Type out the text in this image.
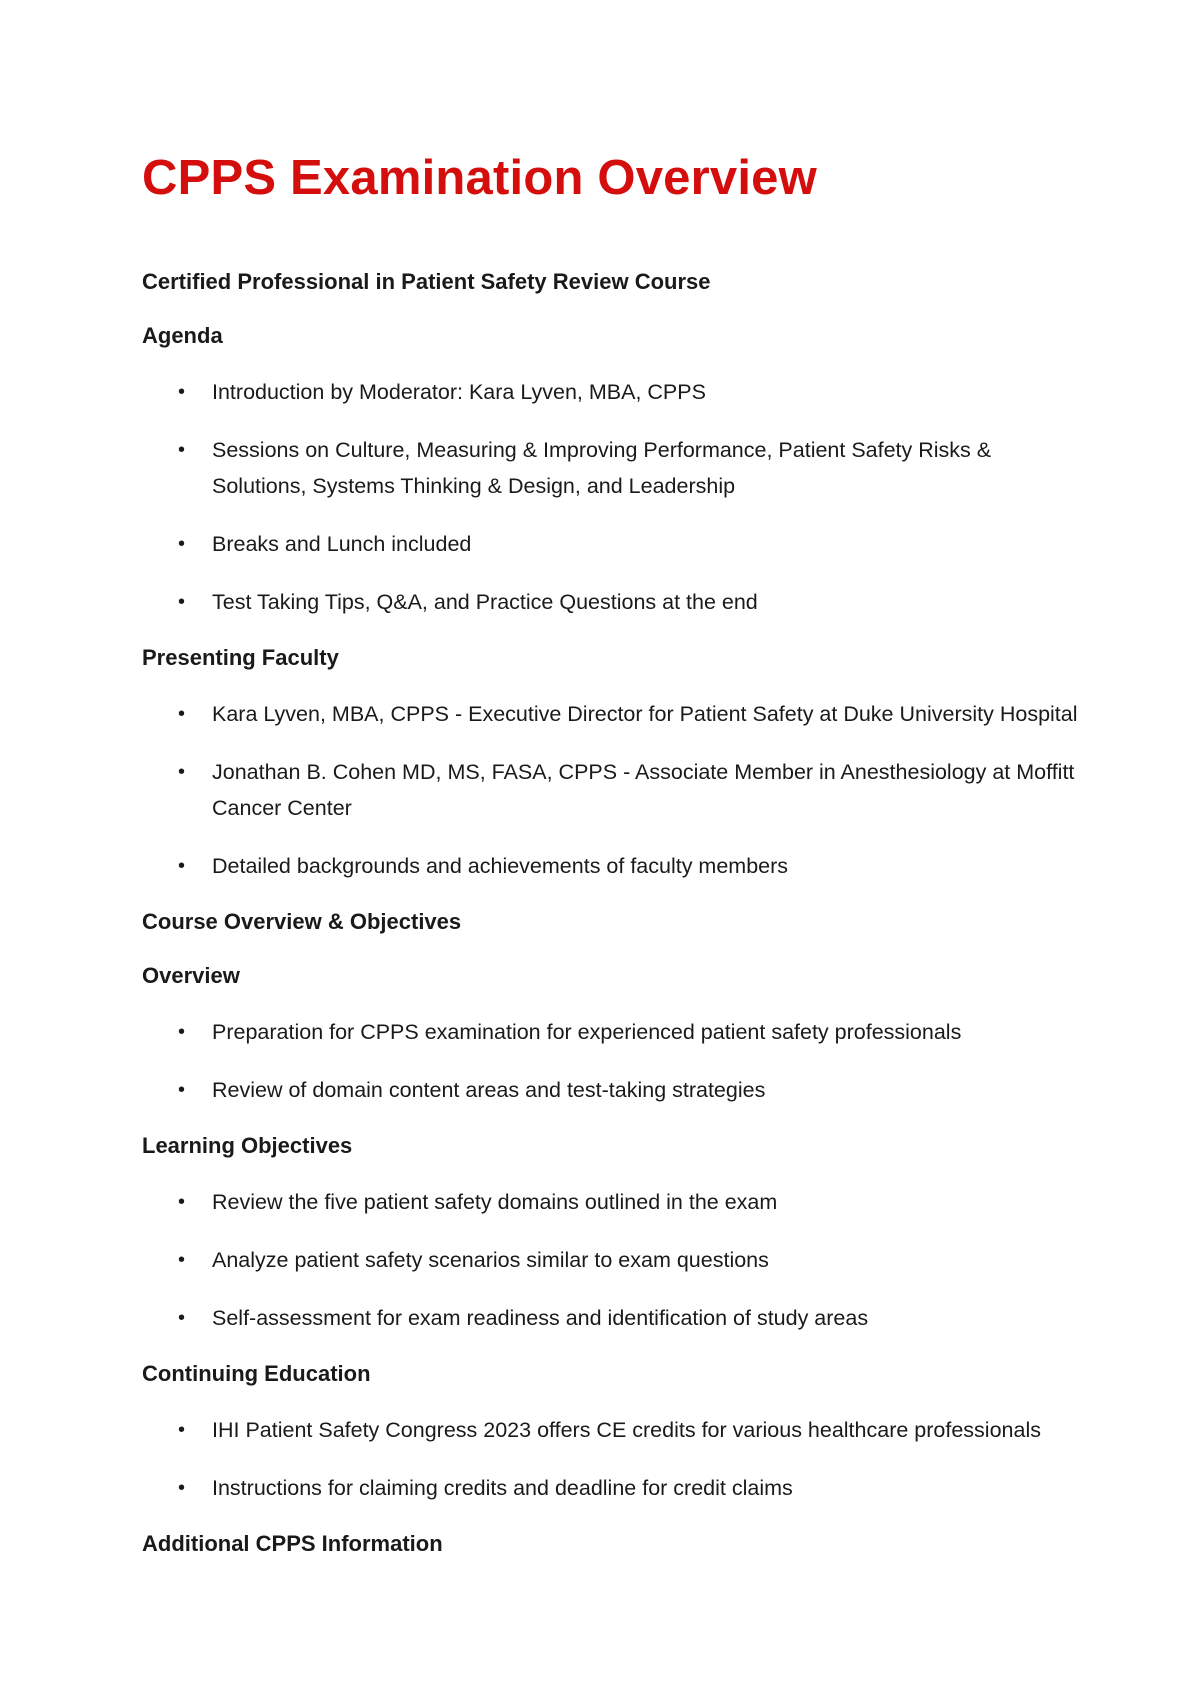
CPPS Examination Overview
Certified Professional in Patient Safety Review Course
Agenda
• Introduction by Moderator: Kara Lyven, MBA, CPPS
• Sessions on Culture, Measuring & Improving Performance, Patient Safety Risks & Solutions, Systems Thinking & Design, and Leadership
• Breaks and Lunch included
• Test Taking Tips, Q&A, and Practice Questions at the end
Presenting Faculty
• Kara Lyven, MBA, CPPS - Executive Director for Patient Safety at Duke University Hospital
• Jonathan B. Cohen MD, MS, FASA, CPPS - Associate Member in Anesthesiology at Moffitt Cancer Center
• Detailed backgrounds and achievements of faculty members
Course Overview & Objectives
Overview
• Preparation for CPPS examination for experienced patient safety professionals
• Review of domain content areas and test-taking strategies
Learning Objectives
• Review the five patient safety domains outlined in the exam
• Analyze patient safety scenarios similar to exam questions
• Self-assessment for exam readiness and identification of study areas
Continuing Education
• IHI Patient Safety Congress 2023 offers CE credits for various healthcare professionals
• Instructions for claiming credits and deadline for credit claims
Additional CPPS Information
